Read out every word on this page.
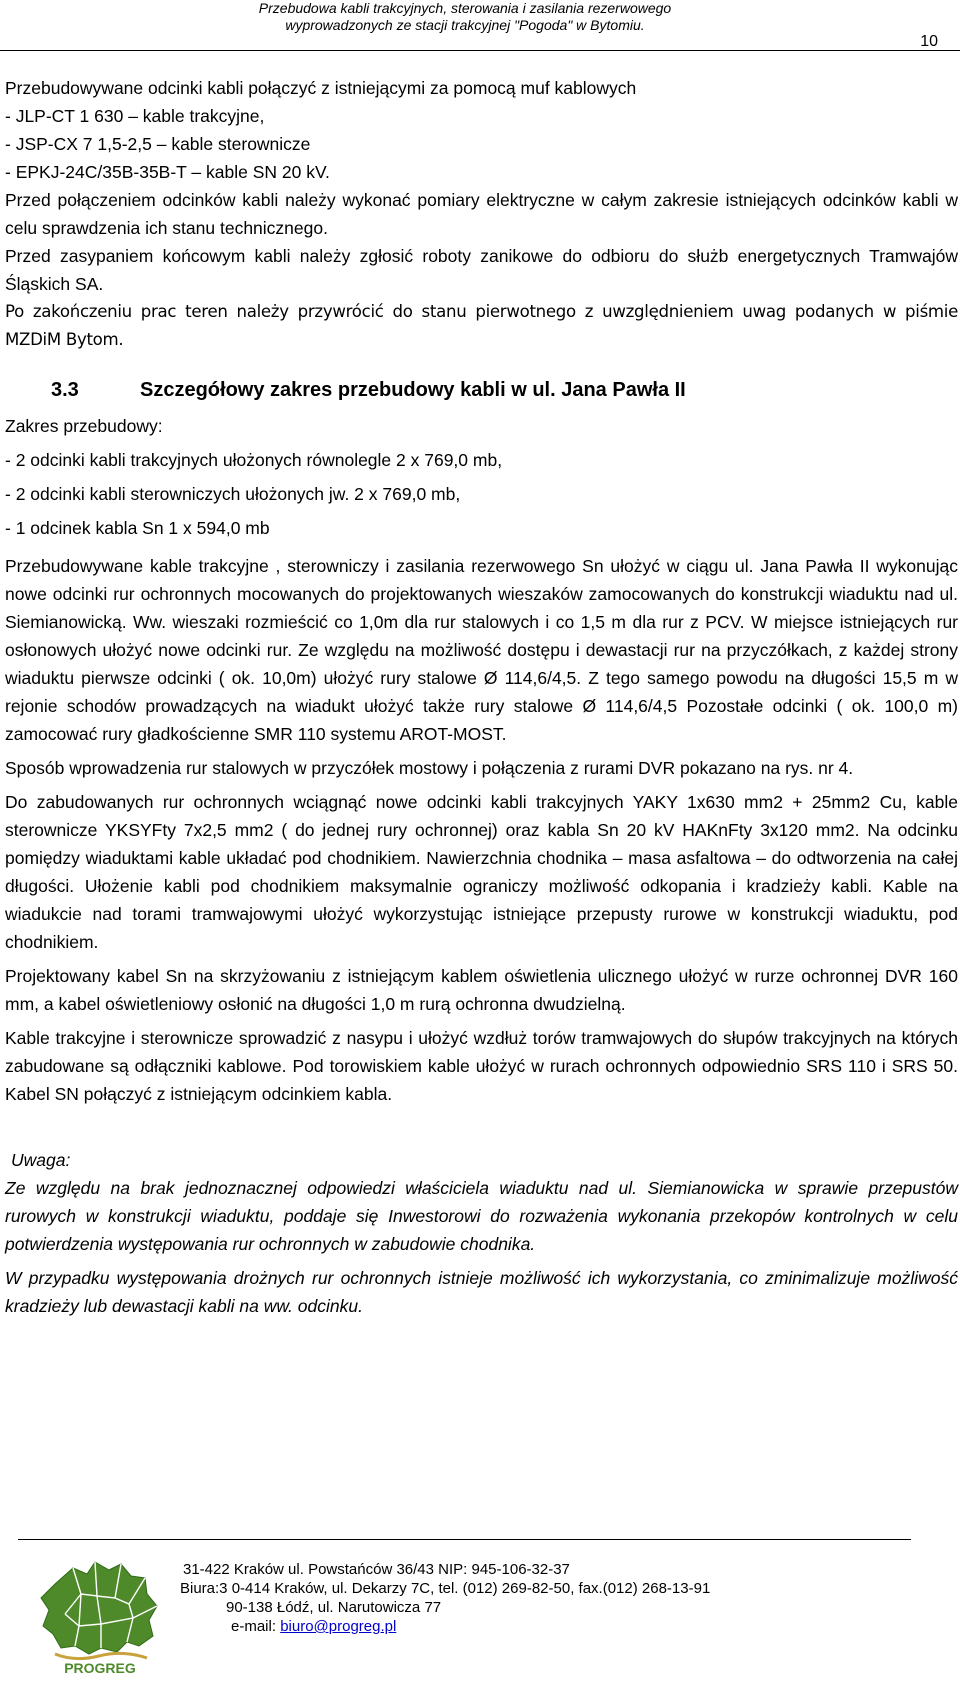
Przebudowa kabli trakcyjnych, sterowania i zasilania rezerwowego
wyprowadzonych ze stacji trakcyjnej "Pogoda" w Bytomiu.
10

Przebudowywane odcinki kabli połączyć z istniejącymi za pomocą muf kablowych

- JLP-CT 1 630 – kable trakcyjne,

- JSP-CX 7 1,5-2,5 – kable sterownicze

- EPKJ-24C/35B-35B-T – kable SN 20 kV.

Przed połączeniem odcinków kabli należy wykonać pomiary elektryczne w całym zakresie istniejących odcinków kabli w celu sprawdzenia ich stanu technicznego.

Przed zasypaniem końcowym kabli należy zgłosić roboty zanikowe do odbioru do służb energetycznych Tramwajów Śląskich SA.

Po zakończeniu prac teren należy przywrócić do stanu pierwotnego z uwzględnieniem uwag podanych w piśmie MZDiM Bytom.

3.3	Szczegółowy zakres przebudowy kabli w ul. Jana Pawła II

Zakres przebudowy:

- 2 odcinki kabli trakcyjnych ułożonych równolegle 2 x 769,0 mb,

- 2 odcinki kabli sterowniczych ułożonych jw. 2 x 769,0 mb,

- 1 odcinek kabla Sn 1 x 594,0 mb

Przebudowywane kable trakcyjne , sterowniczy i zasilania rezerwowego Sn ułożyć w ciągu ul. Jana Pawła II wykonując nowe odcinki rur ochronnych mocowanych do projektowanych wieszaków zamocowanych do konstrukcji wiaduktu nad ul. Siemianowicką. Ww. wieszaki rozmieścić co 1,0m dla rur stalowych i co 1,5 m dla rur z PCV. W miejsce istniejących rur osłonowych ułożyć nowe odcinki rur. Ze względu na możliwość dostępu i dewastacji rur na przyczółkach, z każdej strony wiaduktu pierwsze odcinki ( ok. 10,0m) ułożyć rury stalowe Ø 114,6/4,5. Z tego samego powodu na długości 15,5 m w rejonie schodów prowadzących na wiadukt ułożyć także rury stalowe Ø 114,6/4,5 Pozostałe odcinki ( ok. 100,0 m) zamocować rury gładkościenne SMR 110 systemu AROT-MOST.

Sposób wprowadzenia rur stalowych w przyczółek mostowy i połączenia z rurami DVR pokazano na rys. nr 4.

Do zabudowanych rur ochronnych wciągnąć nowe odcinki kabli trakcyjnych YAKY 1x630 mm2 + 25mm2 Cu, kable sterownicze YKSYFty 7x2,5 mm2 ( do jednej rury ochronnej) oraz kabla Sn 20 kV HAKnFty 3x120 mm2. Na odcinku pomiędzy wiaduktami kable układać pod chodnikiem. Nawierzchnia chodnika – masa asfaltowa – do odtworzenia na całej długości. Ułożenie kabli pod chodnikiem maksymalnie ograniczy możliwość odkopania i kradzieży kabli. Kable na wiadukcie nad torami tramwajowymi ułożyć wykorzystując istniejące przepusty rurowe w konstrukcji wiaduktu, pod chodnikiem.

Projektowany kabel Sn na skrzyżowaniu z istniejącym kablem oświetlenia ulicznego ułożyć w rurze ochronnej DVR 160 mm, a kabel oświetleniowy osłonić na długości 1,0 m rurą ochronna dwudzielną.

Kable trakcyjne i sterownicze sprowadzić z nasypu i ułożyć wzdłuż torów tramwajowych do słupów trakcyjnych na których zabudowane są odłączniki kablowe. Pod torowiskiem kable ułożyć w rurach ochronnych odpowiednio SRS 110 i SRS 50. Kabel SN połączyć z istniejącym odcinkiem kabla.

Uwaga:

Ze względu na brak jednoznacznej odpowiedzi właściciela wiaduktu nad ul. Siemianowicka w sprawie przepustów rurowych w konstrukcji wiaduktu, poddaje się Inwestorowi do rozważenia wykonania przekopów kontrolnych w celu potwierdzenia występowania rur ochronnych w zabudowie chodnika.

W przypadku występowania drożnych rur ochronnych istnieje możliwość ich wykorzystania, co zminimalizuje możliwość kradzieży lub dewastacji kabli na ww. odcinku.

PROGREG
31-422 Kraków ul. Powstańców 36/43 NIP: 945-106-32-37
Biura:3 0-414 Kraków, ul. Dekarzy 7C, tel. (012) 269-82-50, fax.(012) 268-13-91
90-138 Łódź, ul. Narutowicza 77
e-mail: biuro@progreg.pl
